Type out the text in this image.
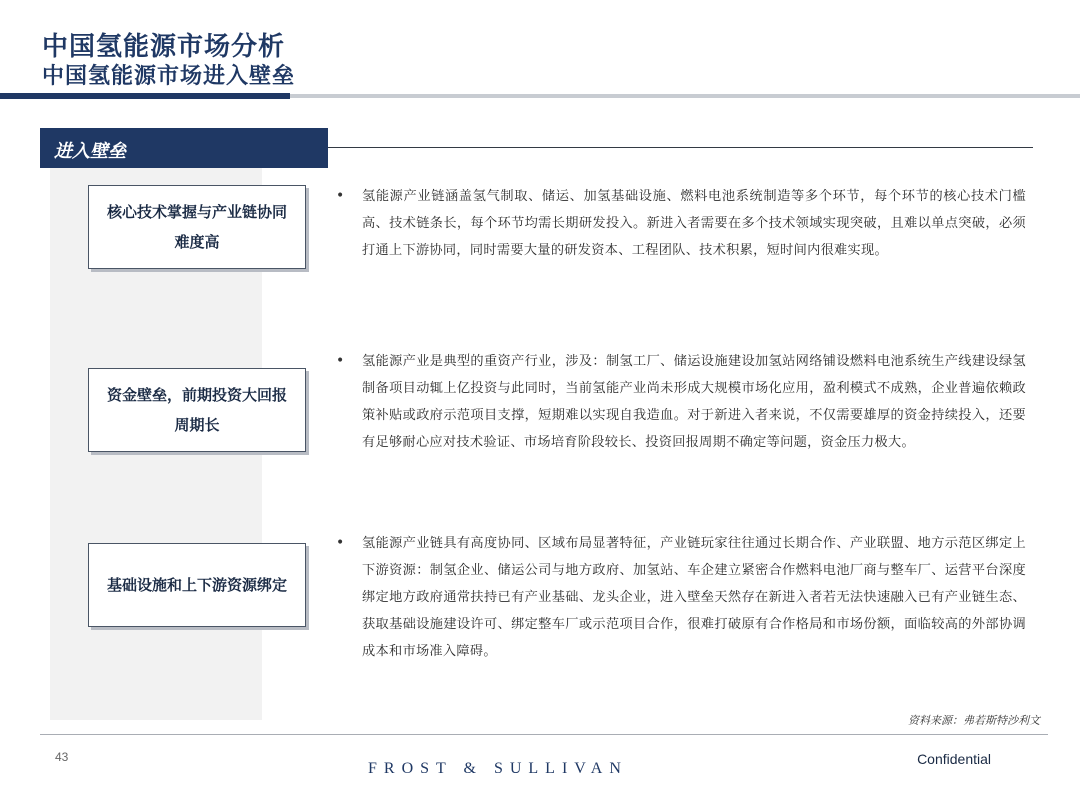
中国氢能源市场分析
中国氢能源市场进入壁垒
进入壁垒
核心技术掌握与产业链协同难度高
•	氢能源产业链涵盖氢气制取、储运、加氢基础设施、燃料电池系统制造等多个环节，每个环节的核心技术门槛高、技术链条长，每个环节均需长期研发投入。新进入者需要在多个技术领域实现突破，且难以单点突破，必须打通上下游协同，同时需要大量的研发资本、工程团队、技术积累，短时间内很难实现。
资金壁垒，前期投资大回报周期长
•	氢能源产业是典型的重资产行业，涉及：制氢工厂、储运设施建设加氢站网络铺设燃料电池系统生产线建设绿氢制备项目动辄上亿投资与此同时，当前氢能产业尚未形成大规模市场化应用，盈利模式不成熟，企业普遍依赖政策补贴或政府示范项目支撑，短期难以实现自我造血。对于新进入者来说，不仅需要雄厚的资金持续投入，还要有足够耐心应对技术验证、市场培育阶段较长、投资回报周期不确定等问题，资金压力极大。
基础设施和上下游资源绑定
•	氢能源产业链具有高度协同、区域布局显著特征，产业链玩家往往通过长期合作、产业联盟、地方示范区绑定上下游资源：制氢企业、储运公司与地方政府、加氢站、车企建立紧密合作燃料电池厂商与整车厂、运营平台深度绑定地方政府通常扶持已有产业基础、龙头企业，进入壁垒天然存在新进入者若无法快速融入已有产业链生态、获取基础设施建设许可、绑定整车厂或示范项目合作，很难打破原有合作格局和市场份额，面临较高的外部协调成本和市场准入障碍。
资料来源：弗若斯特沙利文
43
FROST & SULLIVAN
Confidential
